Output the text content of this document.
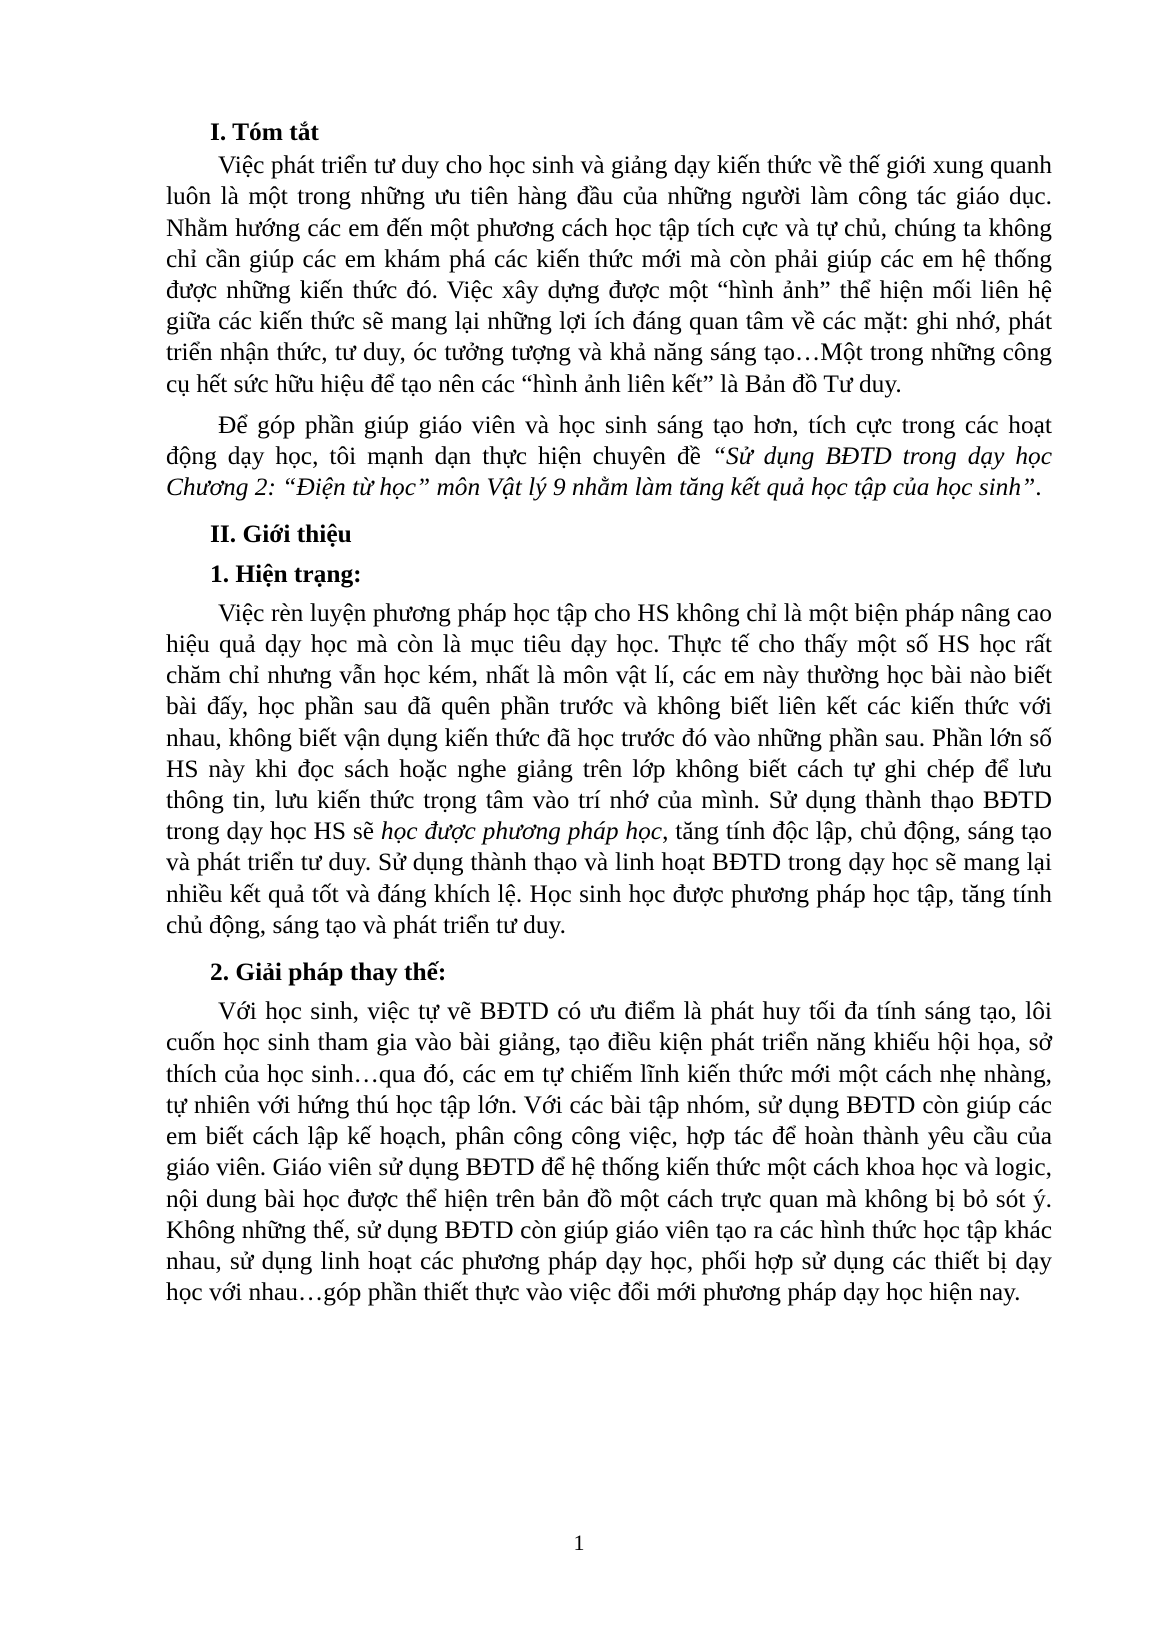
I. Tóm tắt

Việc phát triển tư duy cho học sinh và giảng dạy kiến thức về thế giới xung quanh luôn là một trong những ưu tiên hàng đầu của những người làm công tác giáo dục. Nhằm hướng các em đến một phương cách học tập tích cực và tự chủ, chúng ta không chỉ cần giúp các em khám phá các kiến thức mới mà còn phải giúp các em hệ thống được những kiến thức đó. Việc xây dựng được một “hình ảnh” thể hiện mối liên hệ giữa các kiến thức sẽ mang lại những lợi ích đáng quan tâm về các mặt: ghi nhớ, phát triển nhận thức, tư duy, óc tưởng tượng và khả năng sáng tạo…Một trong những công cụ hết sức hữu hiệu để tạo nên các “hình ảnh liên kết” là Bản đồ Tư duy.

Để góp phần giúp giáo viên và học sinh sáng tạo hơn, tích cực trong các hoạt động dạy học, tôi mạnh dạn thực hiện chuyên đề “Sử dụng BĐTD trong dạy học Chương 2: “Điện từ học” môn Vật lý 9 nhằm làm tăng kết quả học tập của học sinh”.

II. Giới thiệu
1. Hiện trạng:

Việc rèn luyện phương pháp học tập cho HS không chỉ là một biện pháp nâng cao hiệu quả dạy học mà còn là mục tiêu dạy học. Thực tế cho thấy một số HS học rất chăm chỉ nhưng vẫn học kém, nhất là môn vật lí, các em này thường học bài nào biết bài đấy, học phần sau đã quên phần trước và không biết liên kết các kiến thức với nhau, không biết vận dụng kiến thức đã học trước đó vào những phần sau. Phần lớn số HS này khi đọc sách hoặc nghe giảng trên lớp không biết cách tự ghi chép để lưu thông tin, lưu kiến thức trọng tâm vào trí nhớ của mình. Sử dụng thành thạo BĐTD trong dạy học HS sẽ học được phương pháp học, tăng tính độc lập, chủ động, sáng tạo và phát triển tư duy. Sử dụng thành thạo và linh hoạt BĐTD trong dạy học sẽ mang lại nhiều kết quả tốt và đáng khích lệ. Học sinh học được phương pháp học tập, tăng tính chủ động, sáng tạo và phát triển tư duy.

2. Giải pháp thay thế:

Với học sinh, việc tự vẽ BĐTD có ưu điểm là phát huy tối đa tính sáng tạo, lôi cuốn học sinh tham gia vào bài giảng, tạo điều kiện phát triển năng khiếu hội họa, sở thích của học sinh…qua đó, các em tự chiếm lĩnh kiến thức mới một cách nhẹ nhàng, tự nhiên với hứng thú học tập lớn. Với các bài tập nhóm, sử dụng BĐTD còn giúp các em biết cách lập kế hoạch, phân công công việc, hợp tác để hoàn thành yêu cầu của giáo viên. Giáo viên sử dụng BĐTD để hệ thống kiến thức một cách khoa học và logic, nội dung bài học được thể hiện trên bản đồ một cách trực quan mà không bị bỏ sót ý. Không những thế, sử dụng BĐTD còn giúp giáo viên tạo ra các hình thức học tập khác nhau, sử dụng linh hoạt các phương pháp dạy học, phối hợp sử dụng các thiết bị dạy học với nhau…góp phần thiết thực vào việc đổi mới phương pháp dạy học hiện nay.

1
